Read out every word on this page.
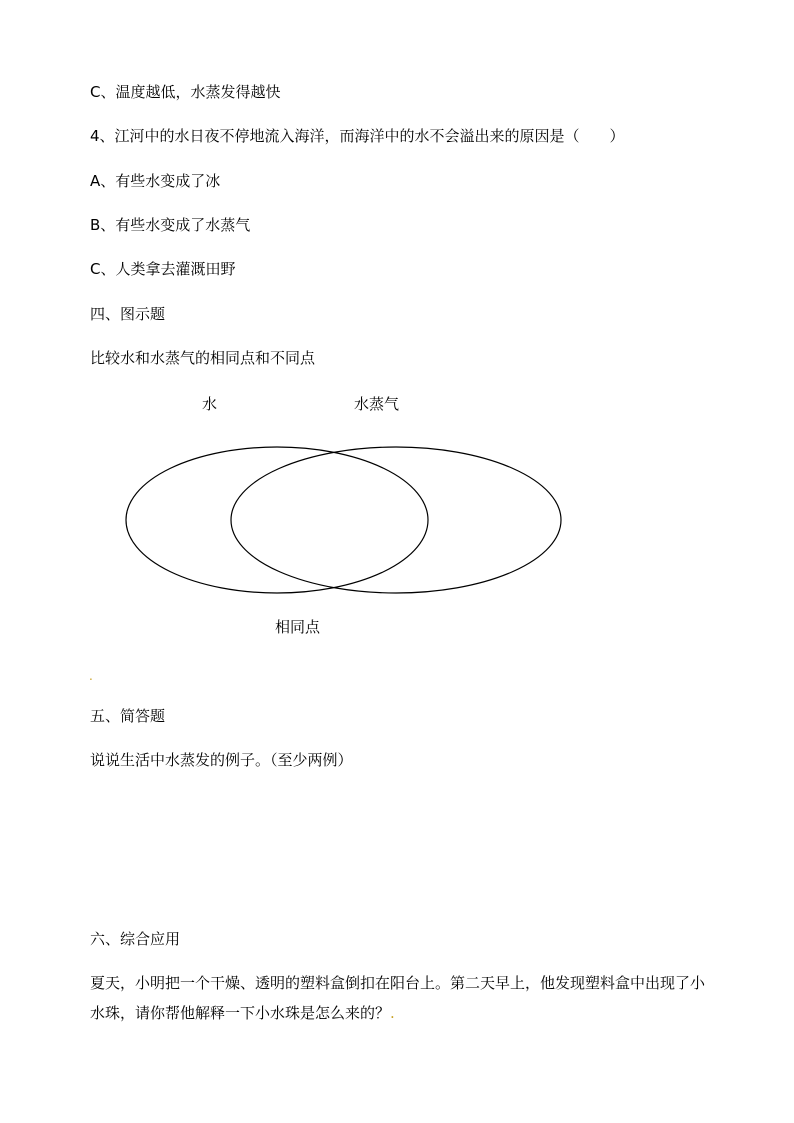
C、温度越低，水蒸发得越快
4、江河中的水日夜不停地流入海洋，而海洋中的水不会溢出来的原因是（　　）
A、有些水变成了冰
B、有些水变成了水蒸气
C、人类拿去灌溉田野
四、图示题
比较水和水蒸气的相同点和不同点
水	水蒸气
相同点
.
五、简答题
说说生活中水蒸发的例子。（至少两例）
六、综合应用
夏天，小明把一个干燥、透明的塑料盒倒扣在阳台上。第二天早上，他发现塑料盒中出现了小水珠，请你帮他解释一下小水珠是怎么来的？.
